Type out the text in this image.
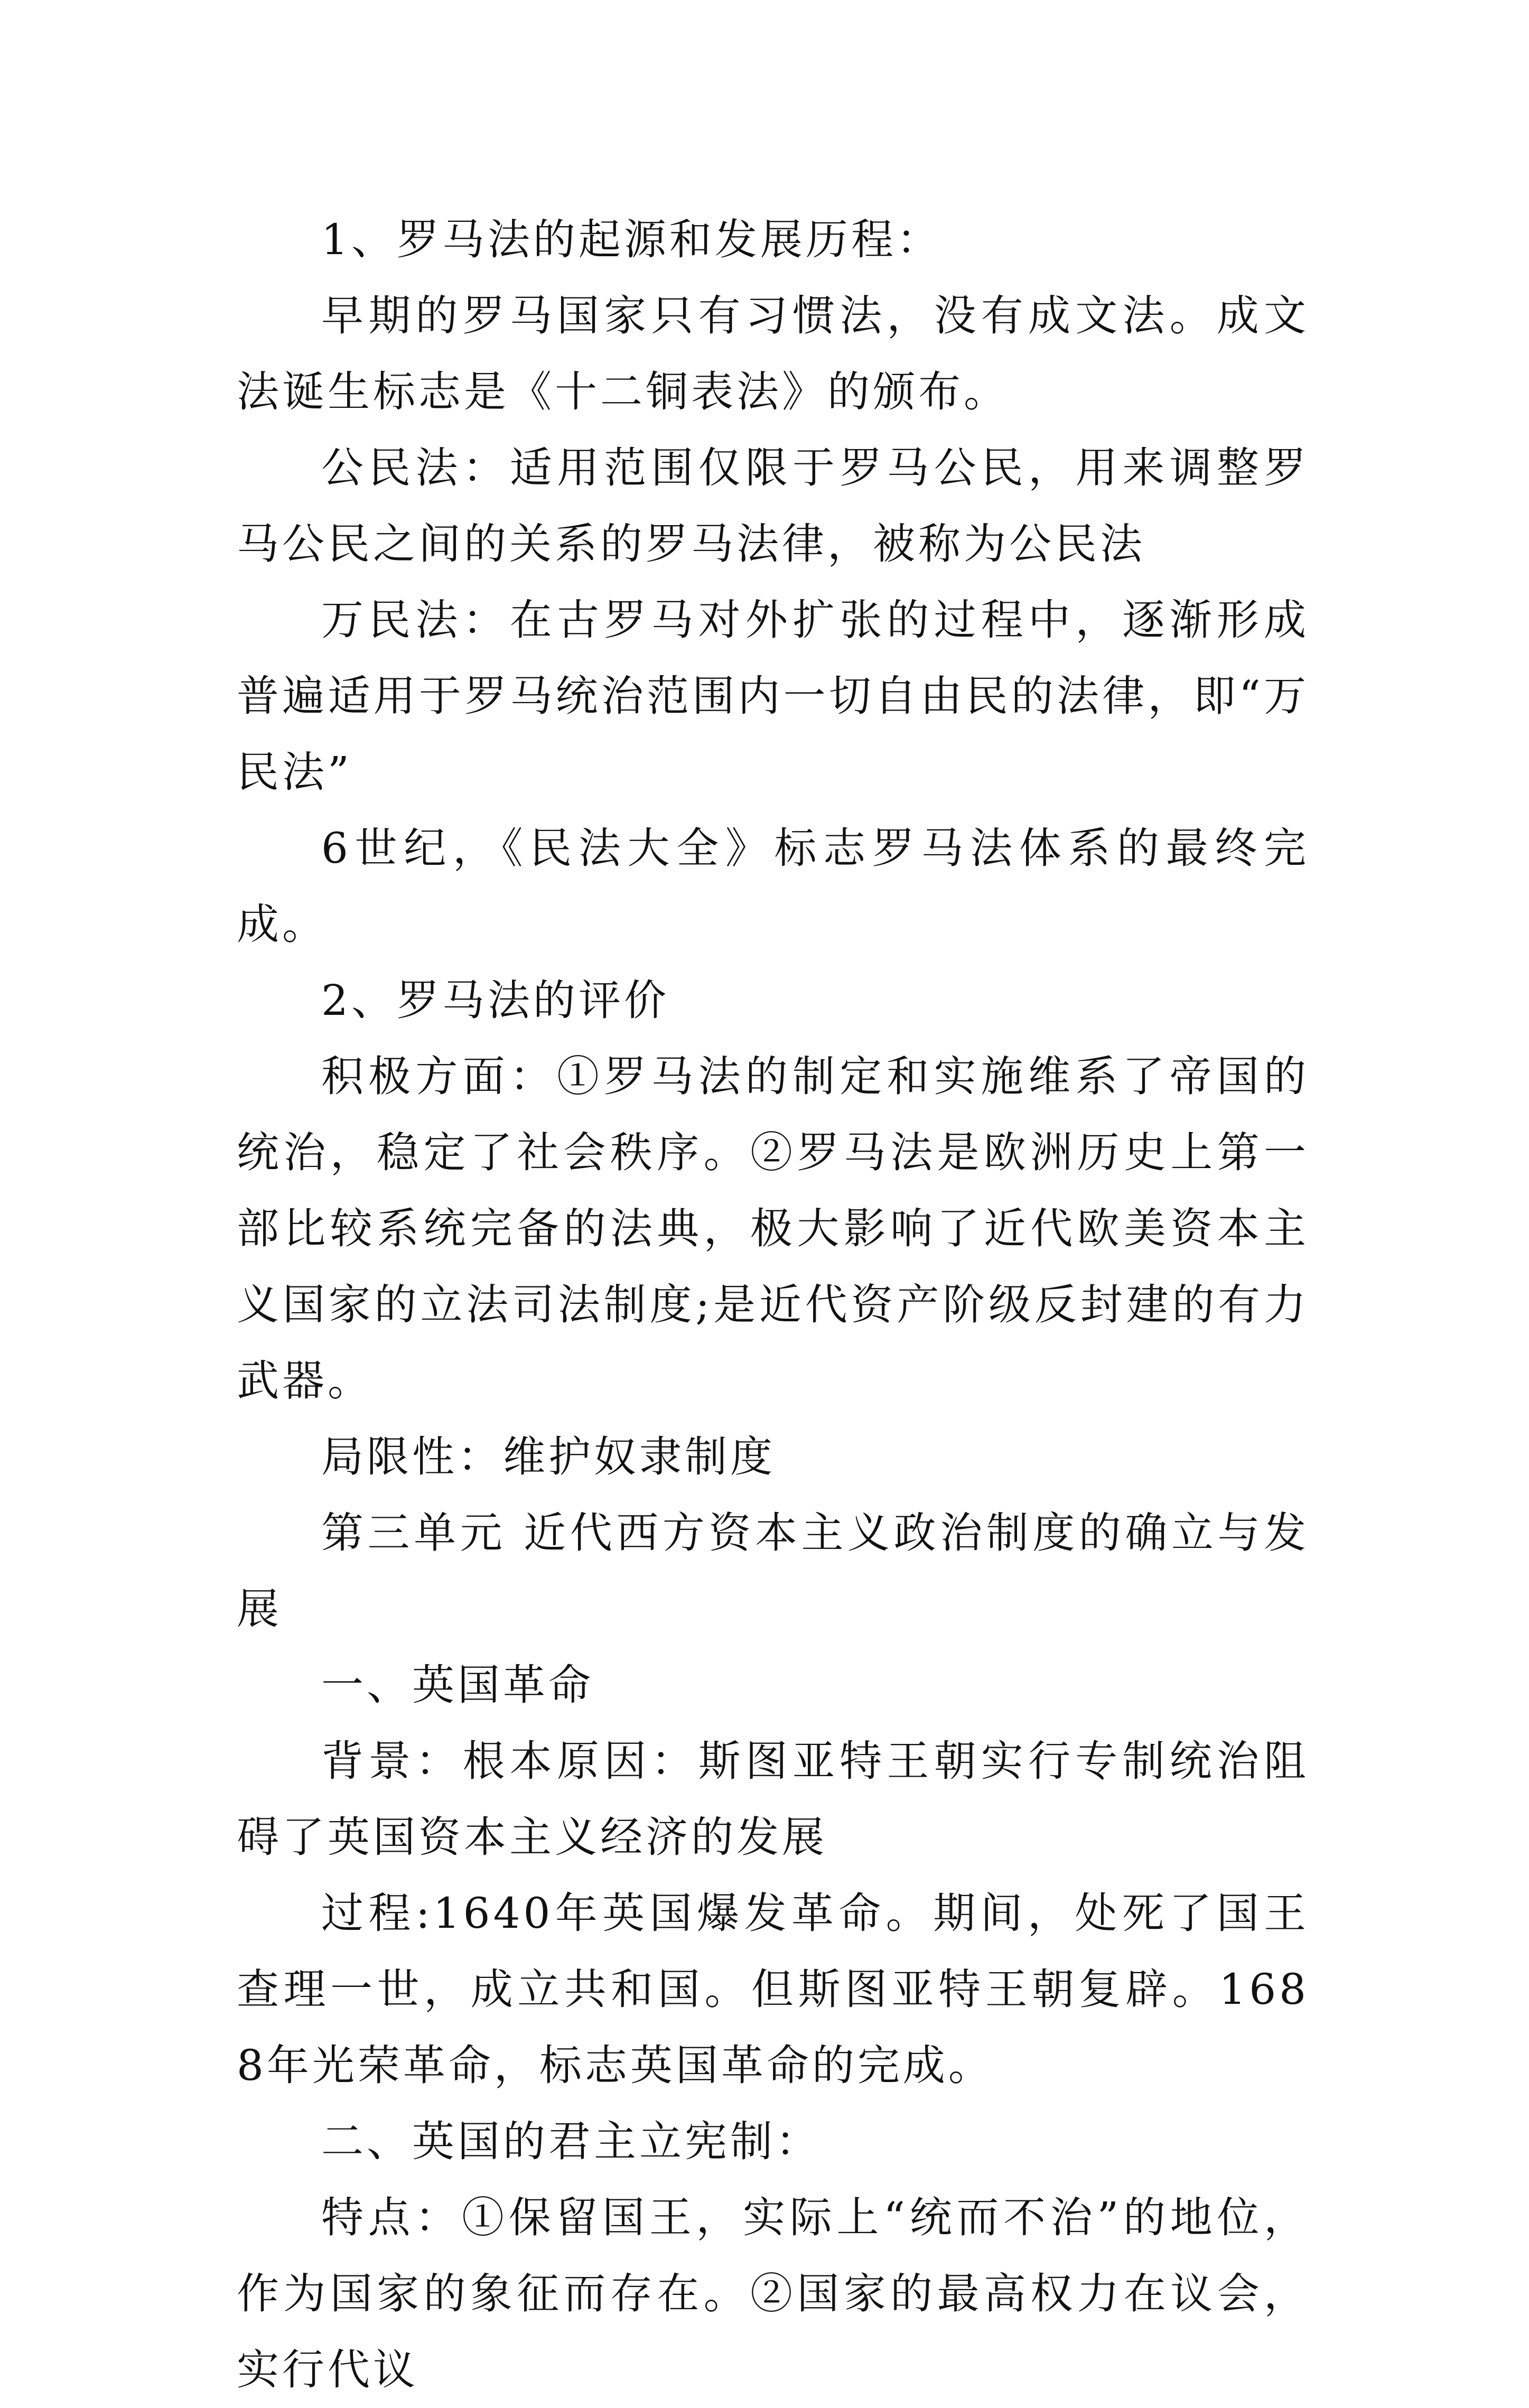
1、罗马法的起源和发展历程：

早期的罗马国家只有习惯法，没有成文法。成文法诞生标志是《十二铜表法》的颁布。

公民法：适用范围仅限于罗马公民，用来调整罗马公民之间的关系的罗马法律，被称为公民法

万民法：在古罗马对外扩张的过程中，逐渐形成普遍适用于罗马统治范围内一切自由民的法律，即“万民法”

6世纪，《民法大全》标志罗马法体系的最终完成。

2、罗马法的评价

积极方面：①罗马法的制定和实施维系了帝国的统治，稳定了社会秩序。②罗马法是欧洲历史上第一部比较系统完备的法典，极大影响了近代欧美资本主义国家的立法司法制度;是近代资产阶级反封建的有力武器。

局限性：维护奴隶制度

第三单元 近代西方资本主义政治制度的确立与发展

一、英国革命

背景：根本原因：斯图亚特王朝实行专制统治阻碍了英国资本主义经济的发展

过程:1640年英国爆发革命。期间，处死了国王查理一世，成立共和国。但斯图亚特王朝复辟。1688年光荣革命，标志英国革命的完成。

二、英国的君主立宪制：

特点：①保留国王，实际上“统而不治”的地位，作为国家的象征而存在。②国家的最高权力在议会，实行代议
